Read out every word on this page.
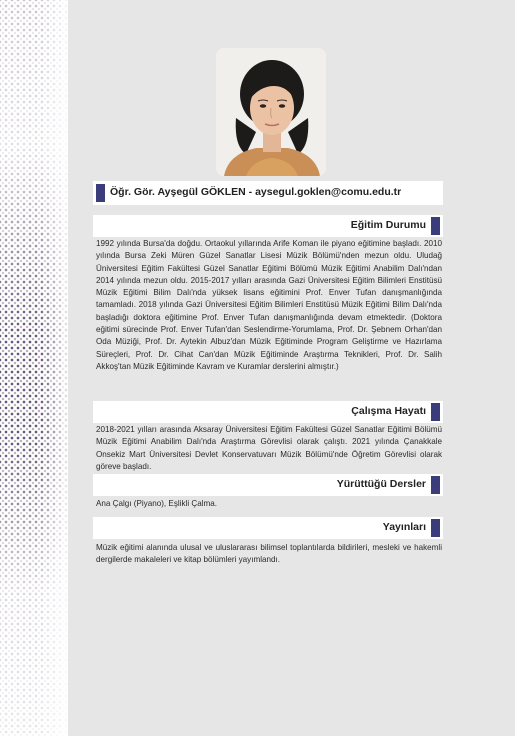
Öğr. Gör. Ayşegül GÖKLEN - aysegul.goklen@comu.edu.tr
Eğitim Durumu

1992 yılında Bursa'da doğdu. Ortaokul yıllarında Arife Koman ile piyano eğitimine başladı. 2010 yılında Bursa Zeki Müren Güzel Sanatlar Lisesi Müzik Bölümü'nden mezun oldu. Uludağ Üniversitesi Eğitim Fakültesi Güzel Sanatlar Eğitimi Bölümü Müzik Eğitimi Anabilim Dalı'ndan 2014 yılında mezun oldu. 2015-2017 yılları arasında Gazi Üniversitesi Eğitim Bilimleri Enstitüsü Müzik Eğitimi Bilim Dalı'nda yüksek lisans eğitimini Prof. Enver Tufan danışmanlığında tamamladı. 2018 yılında Gazi Üniversitesi Eğitim Bilimleri Enstitüsü Müzik Eğitimi Bilim Dalı'nda başladığı doktora eğitimine Prof. Enver Tufan danışmanlığında devam etmektedir. (Doktora eğitimi sürecinde Prof. Enver Tufan'dan Seslendirme-Yorumlama, Prof. Dr. Şebnem Orhan'dan Oda Müziği, Prof. Dr. Aytekin Albuz'dan Müzik Eğitiminde Program Geliştirme ve Hazırlama Süreçleri, Prof. Dr. Cihat Can'dan Müzik Eğitiminde Araştırma Teknikleri, Prof. Dr. Salih Akkoş'tan Müzik Eğitiminde Kavram ve Kuramlar derslerini almıştır.)

Çalışma Hayatı

2018-2021 yılları arasında Aksaray Üniversitesi Eğitim Fakültesi Güzel Sanatlar Eğitimi Bölümü Müzik Eğitimi Anabilim Dalı'nda Araştırma Görevlisi olarak çalıştı. 2021 yılında Çanakkale Onsekiz Mart Üniversitesi Devlet Konservatuvarı Müzik Bölümü'nde Öğretim Görevlisi olarak göreve başladı.

Yürüttüğü Dersler

Ana Çalgı (Piyano), Eşlikli Çalma.

Yayınları

Müzik eğitimi alanında ulusal ve uluslararası bilimsel toplantılarda bildirileri, mesleki ve hakemli dergilerde makaleleri ve kitap bölümleri yayımlandı.
